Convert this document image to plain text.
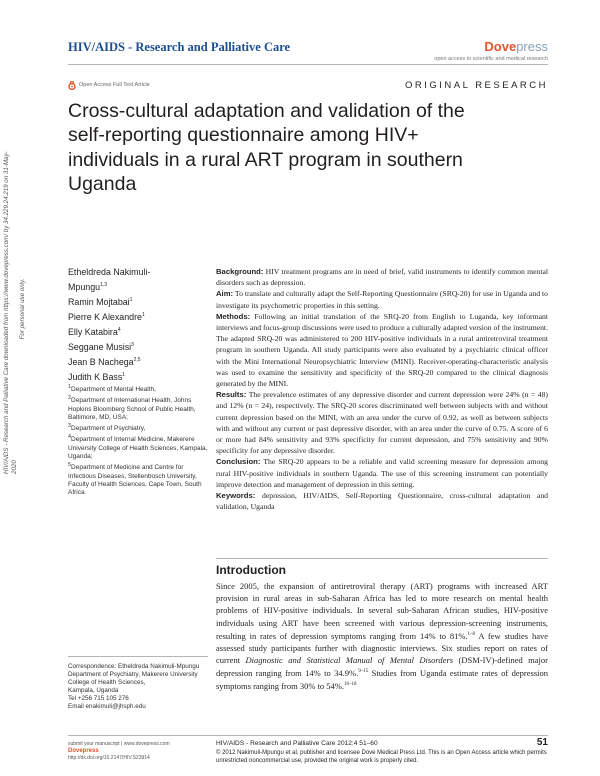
HIV/AIDS - Research and Palliative Care	Dovepress
open access to scientific and medical research
Open Access Full Text Article	ORIGINAL RESEARCH
Cross-cultural adaptation and validation of the self-reporting questionnaire among HIV+ individuals in a rural ART program in southern Uganda
HIV/AIDS - Research and Palliative Care downloaded from https://www.dovepress.com/ by 34.229.24.219 on 31-May-2020
For personal use only.
Etheldreda Nakimuli-
Mpungu$^{1,3}$
Ramin Mojtabai$^1$
Pierre K Alexandre$^1$
Elly Katabira$^4$
Seggane Musisi$^3$
Jean B Nachega$^{2,5}$
Judith K Bass$^1$
$^1$Department of Mental Health,
$^2$Department of International Health, Johns Hopkins Bloomberg School of Public Health, Baltimore, MD, USA;
$^3$Department of Psychiatry,
$^4$Department of Internal Medicine, Makerere University College of Health Sciences, Kampala, Uganda;
$^5$Department of Medicine and Centre for Infectious Diseases, Stellenbosch University, Faculty of Health Sciences, Cape Town, South Africa
Correspondence: Etheldreda Nakimuli-Mpungu
Department of Psychiatry, Makerere University College of Health Sciences,
Kampala, Uganda
Tel +256 715 105 276
Email enakimuli@jhsph.edu

Background: HIV treatment programs are in need of brief, valid instruments to identify common mental disorders such as depression.

Aim: To translate and culturally adapt the Self-Reporting Questionnaire (SRQ-20) for use in Uganda and to investigate its psychometric properties in this setting.

Methods: Following an initial translation of the SRQ-20 from English to Luganda, key informant interviews and focus-group discussions were used to produce a culturally adapted version of the instrument. The adapted SRQ-20 was administered to 200 HIV-positive individuals in a rural antiretroviral treatment program in southern Uganda. All study participants were also evaluated by a psychiatric clinical officer with the Mini International Neuropsychiatric Interview (MINI). Receiver-operating-characteristic analysis was used to examine the sensitivity and specificity of the SRQ-20 compared to the clinical diagnosis generated by the MINI.

Results: The prevalence estimates of any depressive disorder and current depression were 24% (n = 48) and 12% (n = 24), respectively. The SRQ-20 scores discriminated well between subjects with and without current depression based on the MINI, with an area under the curve of 0.92, as well as between subjects with and without any current or past depressive disorder, with an area under the curve of 0.75. A score of 6 or more had 84% sensitivity and 93% specificity for current depression, and 75% sensitivity and 90% specificity for any depressive disorder.

Conclusion: The SRQ-20 appears to be a reliable and valid screening measure for depression among rural HIV-positive individuals in southern Uganda. The use of this screening instrument can potentially improve detection and management of depression in this setting.

Keywords: depression, HIV/AIDS, Self-Reporting Questionnaire, cross-cultural adaptation and validation, Uganda

Introduction
Since 2005, the expansion of antiretroviral therapy (ART) programs with increased ART provision in rural areas in sub-Saharan Africa has led to more research on mental health problems of HIV-positive individuals. In several sub-Saharan African studies, HIV-positive individuals using ART have been screened with various depression-screening instruments, resulting in rates of depression symptoms ranging from 14% to 81%.$^{1-8}$ A few studies have assessed study participants further with diagnostic interviews. Six studies report on rates of current Diagnostic and Statistical Manual of Mental Disorders (DSM-IV)-defined major depression ranging from 14% to 34.9%.$^{9-15}$ Studies from Uganda estimate rates of depression symptoms ranging from 30% to 54%.$^{16-18}$
submit your manuscript | www.dovepress.com
Dovepress
http://dx.doi.org/10.2147/HIV.S23914
HIV/AIDS - Research and Palliative Care 2012:4 51–60	51
© 2012 Nakimuli-Mpungu et al, publisher and licensee Dove Medical Press Ltd. This is an Open Access article which permits unrestricted noncommercial use, provided the original work is properly cited.
